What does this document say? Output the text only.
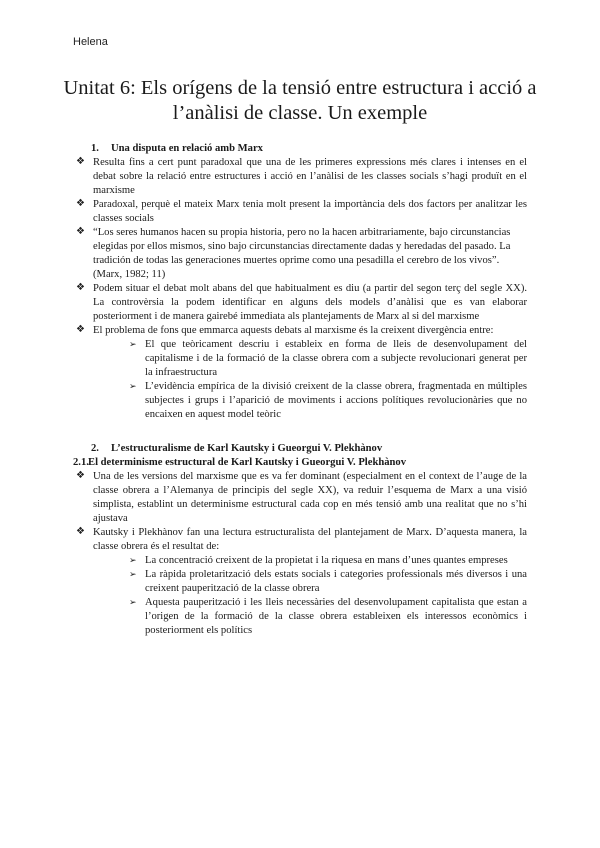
Helena
Unitat 6: Els orígens de la tensió entre estructura i acció a l’anàlisi de classe. Un exemple
1. Una disputa en relació amb Marx
❖ Resulta fins a cert punt paradoxal que una de les primeres expressions més clares i intenses en el debat sobre la relació entre estructures i acció en l’anàlisi de les classes socials s’hagi produït en el marxisme
❖ Paradoxal, perquè el mateix Marx tenia molt present la importància dels dos factors per analitzar les classes socials
❖ “Los seres humanos hacen su propia historia, pero no la hacen arbitrariamente, bajo circunstancias elegidas por ellos mismos, sino bajo circunstancias directamente dadas y heredadas del pasado. La tradición de todas las generaciones muertes oprime como una pesadilla el cerebro de los vivos”. (Marx, 1982; 11)
❖ Podem situar el debat molt abans del que habitualment es diu (a partir del segon terç del segle XX). La controvèrsia la podem identificar en alguns dels models d’anàlisi que es van elaborar posteriorment i de manera gairebé immediata als plantejaments de Marx al si del marxisme
❖ El problema de fons que emmarca aquests debats al marxisme és la creixent divergència entre:
➢ El que teòricament descriu i estableix en forma de lleis de desenvolupament del capitalisme i de la formació de la classe obrera com a subjecte revolucionari generat per la infraestructura
➢ L’evidència empírica de la divisió creixent de la classe obrera, fragmentada en múltiples subjectes i grups i l’aparició de moviments i accions polítiques revolucionàries que no encaixen en aquest model teòric
2. L’estructuralisme de Karl Kautsky i Gueorgui V. Plekhànov
2.1. El determinisme estructural de Karl Kautsky i Gueorgui V. Plekhànov
❖ Una de les versions del marxisme que es va fer dominant (especialment en el context de l’auge de la classe obrera a l’Alemanya de principis del segle XX), va reduir l’esquema de Marx a una visió simplista, establint un determinisme estructural cada cop en més tensió amb una realitat que no s’hi ajustava
❖ Kautsky i Plekhànov fan una lectura estructuralista del plantejament de Marx. D’aquesta manera, la classe obrera és el resultat de:
➢ La concentració creixent de la propietat i la riquesa en mans d’unes quantes empreses
➢ La ràpida proletarització dels estats socials i categories professionals més diversos i una creixent pauperització de la classe obrera
➢ Aquesta pauperització i les lleis necessàries del desenvolupament capitalista que estan a l’origen de la formació de la classe obrera estableixen els interessos econòmics i posteriorment els polítics
